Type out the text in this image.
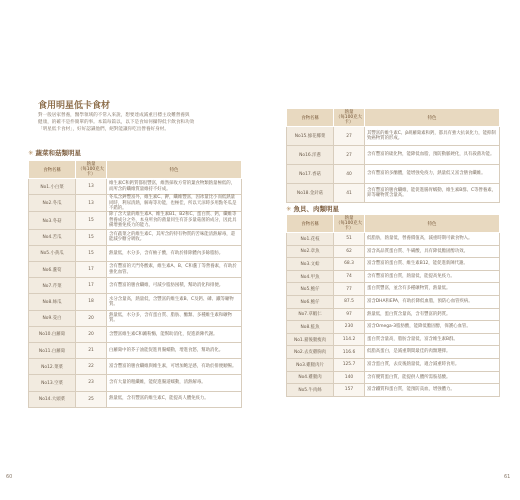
食用明星低卡食材
對一般居家營養，醫學領域的不常入來說，想要達成減重目標主攻難營養與
健康，的確不是件簡單的事。本篇每篇以，以下是食如何攝得低卡飲食和功效
「明星低卡食材」，好好認識他們，絕對能讓你吃出營養好身材。
✳ 蔬菜和菇類明星
食物名稱	熱量
（每100克大卡）	特色
No1.小白菜	13	維生素C和鈣質都很豐富，維然採收方常的葉食物類熱量極低的，而所含的纖維質量維持不好成。
No2.冬瓜	13	冬瓜含鉀豐富外，維生素C、鉀，纖維豐富，因冰量比小而低熱量同時，利尿清熱，解毒等功能，也極佳，所以天涼時多用點冬瓜是不錯的。
No3.冬菇	15	除了含大量的維生素A、維生素B1、B2和C，蛋白質、鈣，纖維等營養成分之外，本身所食的菌量同生有許多量菇菌的成分，因此具備增強免疫力的能力。
No4.苦瓜	15	含有蔬菜之的維生素C，其所含的特有物質的苦味能清熱解毒，還能減少糖分吸收。
No5.小黃瓜	15	熱量低，水分多，含有柚子酸，有助於排除體內多餘脂肪。
No6.蘆筍	17	含有豐富的天門冬酸素，維生素A、B、C和蘆丁等營養素，有助於強化血管。
No7.芹菜	17	含有豐富的膳食纖維，可減少脂肪囤積，幫助消化和排便。
No8.絲瓜	18	水分含量高，熱量低，含豐富的維生素B、C及鈣、磷、鐵等礦物質。
No9.茭白	20	熱量低，水分多，含有蛋白質、脂肪、醣類、多種維生素和礦物質。
No10.白蘿蔔	20	含豐富維生素C和澱粉酶，能幫助消化，促進新陳代謝。
No11.白蘿蔔	21	白蘿蔔中的芥子油能促進胃腸蠕動，增進食慾，幫助消化。
No12.菜菜	22	富含豐富的膳食纖維與維生素，可增加飽足感，有助於排便順暢。
No13.空菜	23	含有大量的粗纖維，能促進腸道蠕動，清熱解毒。
No14.大頭菜	25	熱量低，含有豐富的維生素C，能提高人體免疫力。
60
食物名稱	熱量
（每100克大卡）	特色
No15.綠花椰菜	27	其豐富的維生素C、β胡蘿蔔素和鈣，都具有強大抗氧化力，能抑制致癌物質的形成。
No16.洋蔥	27	含有豐富的硫化物，能降低血脂，預防動脈硬化，具有殺菌功能。
No17.香菇	40	含有豐富的多醣體，能增強免疫力，熱量低又富含膳食纖維。
No18.金針菇	41	含有豐富的膳食纖維，能促進腸胃蠕動，維生素B群、C等營養素，鋅等礦物質含量高。
✳ 魚貝、肉類明星
食物名稱	熱量
（每100克大卡）	特色
No1.花枝	51	低脂肪，熱量低，營養價值高，減重時期可做食物入。
No2.章魚	62	富含高品質蛋白質、牛磺酸，具有降低膽固醇功效。
No3.文蛤	68.3	富含豐富的蛋白質、維生素B12，能促進新陳代謝。
No4.甲魚	74	含有豐富的蛋白質，熱量低，能提高免疫力。
No5.鮑仔	77	蛋白質豐富，並含有多種礦物質，熱量低。
No6.鮑仔	87.5	富含DHA和EPA，有助於降低血脂，預防心血管疾病。
No7.草蝦仁	97	熱量低，蛋白質含量高，含有豐富的鈣質。
No8.鮭魚	230	富含Omega-3脂肪酸，能降低膽固醇，保護心血管。
No1.豬後腿瘦肉	114.2	蛋白質含量高，脂肪含量低，富含維生素B群。
No2.去皮雞胸肉	116.6	低脂高蛋白，是減重期間最佳的肉類選擇。
No3.雞腿肉片	125.7	富含蛋白質，去皮後熱量低，適合減重時食用。
No4.雞腿肉	140	含有優質蛋白質，能提供人體所需胺基酸。
No5.牛肉絲	157	富含鐵質和蛋白質，能預防貧血，增強體力。
61
